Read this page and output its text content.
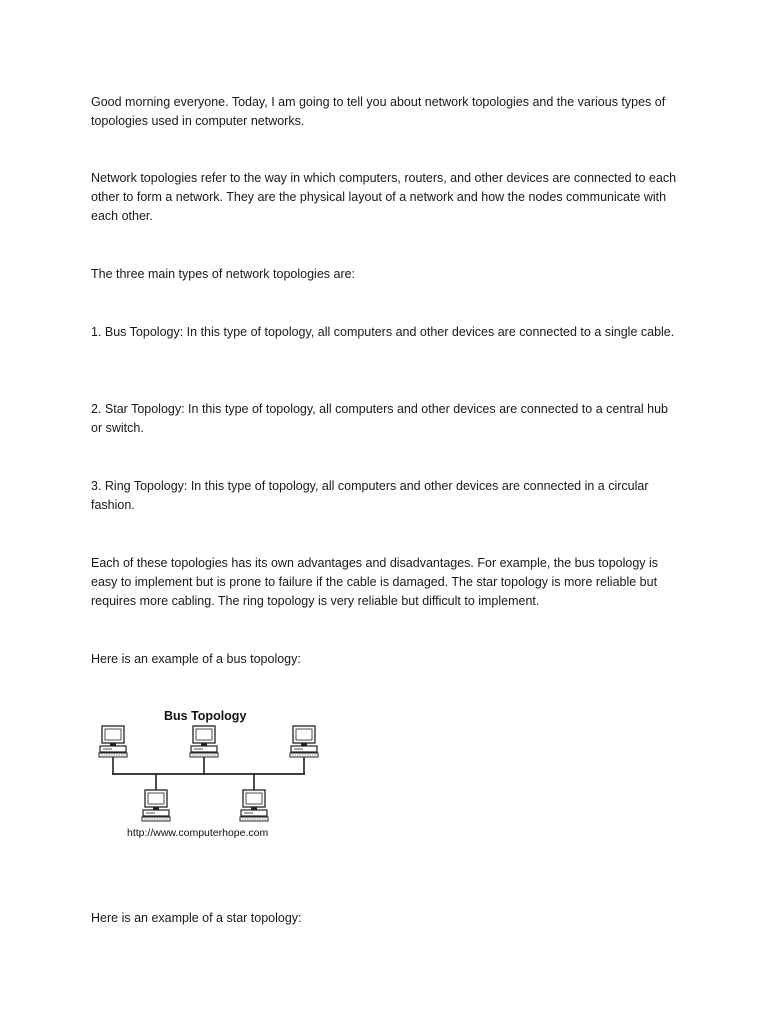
Good morning everyone. Today, I am going to tell you about network topologies and the various types of topologies used in computer networks.

Network topologies refer to the way in which computers, routers, and other devices are connected to each other to form a network. They are the physical layout of a network and how the nodes communicate with each other.

The three main types of network topologies are:

1. Bus Topology: In this type of topology, all computers and other devices are connected to a single cable.

2. Star Topology: In this type of topology, all computers and other devices are connected to a central hub or switch.

3. Ring Topology: In this type of topology, all computers and other devices are connected in a circular fashion.

Each of these topologies has its own advantages and disadvantages. For example, the bus topology is easy to implement but is prone to failure if the cable is damaged. The star topology is more reliable but requires more cabling. The ring topology is very reliable but difficult to implement.

Here is an example of a bus topology:

Bus Topology
http://www.computerhope.com

Here is an example of a star topology:
